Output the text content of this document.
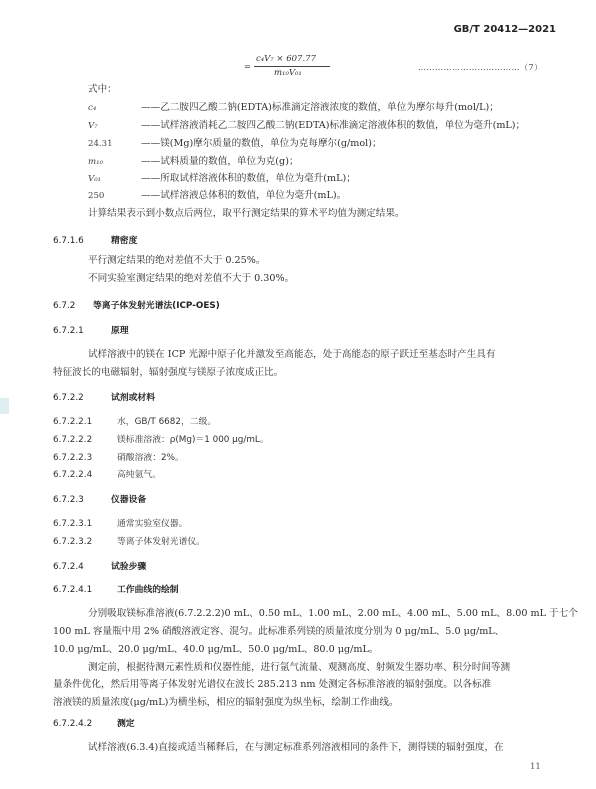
GB/T 20412—2021
=
c₄V₇ × 607.77
m₁₀V₀₁
………………………………（7）
式中：
c₄	——乙二胺四乙酸二钠(EDTA)标准滴定溶液浓度的数值，单位为摩尔每升(mol/L)；
V₇	——试样溶液消耗乙二胺四乙酸二钠(EDTA)标准滴定溶液体积的数值，单位为毫升(mL)；
24.31	——镁(Mg)摩尔质量的数值，单位为克每摩尔(g/mol)；
m₁₀	——试料质量的数值，单位为克(g)；
V₀₁	——所取试样溶液体积的数值，单位为毫升(mL)；
250	——试样溶液总体积的数值，单位为毫升(mL)。
计算结果表示到小数点后两位，取平行测定结果的算术平均值为测定结果。
6.7.1.6	精密度
平行测定结果的绝对差值不大于 0.25%。
不同实验室测定结果的绝对差值不大于 0.30%。
6.7.2 等离子体发射光谱法(ICP-OES)
6.7.2.1	原理
试样溶液中的镁在 ICP 光源中原子化并激发至高能态，处于高能态的原子跃迁至基态时产生具有
特征波长的电磁辐射，辐射强度与镁原子浓度成正比。
6.7.2.2	试剂或材料
6.7.2.2.1	水，GB/T 6682，二级。
6.7.2.2.2	镁标准溶液：ρ(Mg)＝1 000 μg/mL。
6.7.2.2.3	硝酸溶液：2%。
6.7.2.2.4	高纯氩气。
6.7.2.3	仪器设备
6.7.2.3.1	通常实验室仪器。
6.7.2.3.2	等离子体发射光谱仪。
6.7.2.4	试验步骤
6.7.2.4.1	工作曲线的绘制
分别吸取镁标准溶液(6.7.2.2.2)0 mL、0.50 mL、1.00 mL、2.00 mL、4.00 mL、5.00 mL、8.00 mL 于七个
100 mL 容量瓶中用 2% 硝酸溶液定容、混匀。此标准系列镁的质量浓度分别为 0 μg/mL、5.0 μg/mL、
10.0 μg/mL、20.0 μg/mL、40.0 μg/mL、50.0 μg/mL、80.0 μg/mL。
测定前，根据待测元素性质和仪器性能，进行氩气流量、观测高度、射频发生器功率、积分时间等测
量条件优化，然后用等离子体发射光谱仪在波长 285.213 nm 处测定各标准溶液的辐射强度。以各标准
溶液镁的质量浓度(μg/mL)为横坐标，相应的辐射强度为纵坐标，绘制工作曲线。
6.7.2.4.2	测定
试样溶液(6.3.4)直接或适当稀释后，在与测定标准系列溶液相同的条件下，测得镁的辐射强度，在
11
